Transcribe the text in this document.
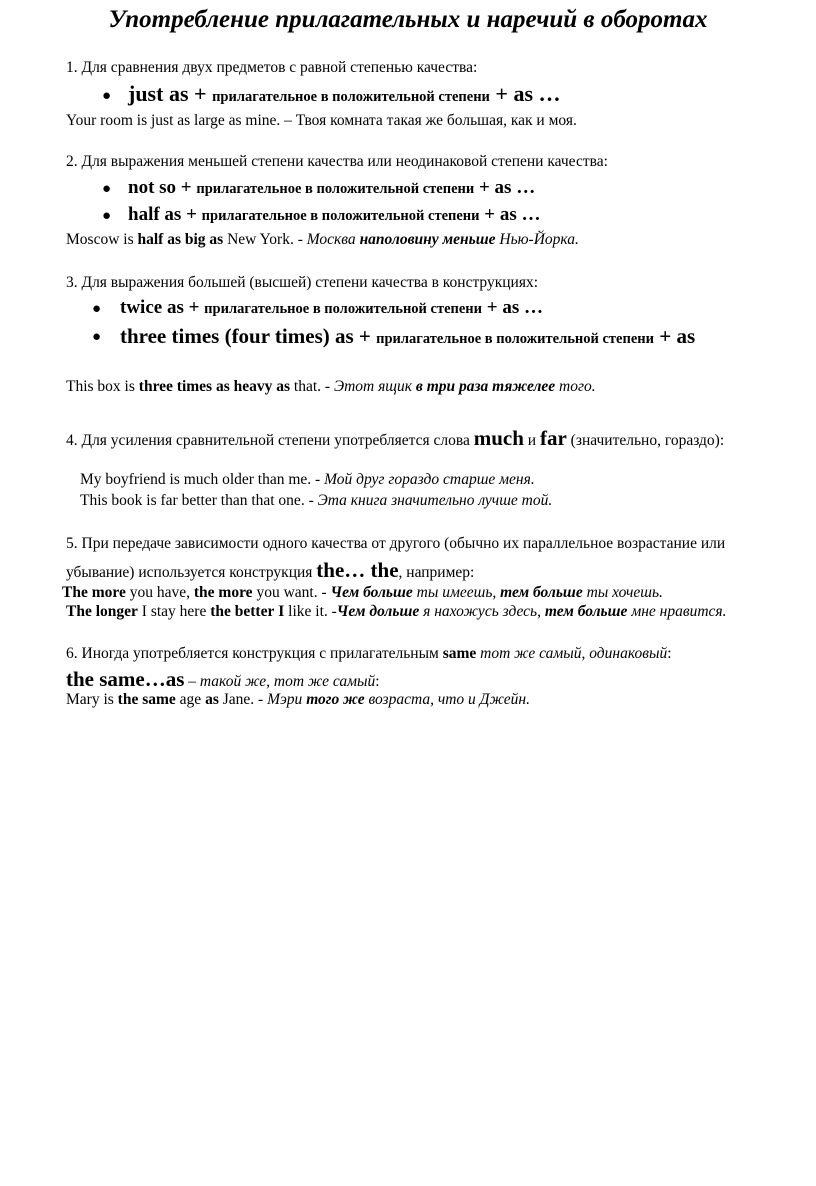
Употребление прилагательных и наречий в оборотах
1. Для сравнения двух предметов с равной степенью качества:
● just as + прилагательное в положительной степени + as …
Your room is just as large as mine. – Твоя комната такая же большая, как и моя.
2. Для выражения меньшей степени качества или неодинаковой степени качества:
● not so + прилагательное в положительной степени + as …
● half as + прилагательное в положительной степени + as …
Moscow is half as big as New York. - Москва наполовину меньше Нью-Йорка.
3. Для выражения большей (высшей) степени качества в конструкциях:
● twice as + прилагательное в положительной степени + as …
● three times (four times) as + прилагательное в положительной степени + as
This box is three times as heavy as that. - Этот ящик в три раза тяжелее того.
4. Для усиления сравнительной степени употребляется слова much и far (значительно, гораздо):
My boyfriend is much older than me. - Мой друг гораздо старше меня.
This book is far better than that one. - Эта книга значительно лучше той.
5. При передаче зависимости одного качества от другого (обычно их параллельное возрастание или
убывание) используется конструкция the… the, например:
The more you have, the more you want. - Чем больше ты имеешь, тем больше ты хочешь.
The longer I stay here the better I like it. -Чем дольше я нахожусь здесь, тем больше мне нравится.
6. Иногда употребляется конструкция с прилагательным same тот же самый, одинаковый:
the same…as – такой же, тот же самый:
Mary is the same age as Jane. - Мэри того же возраста, что и Джейн.
